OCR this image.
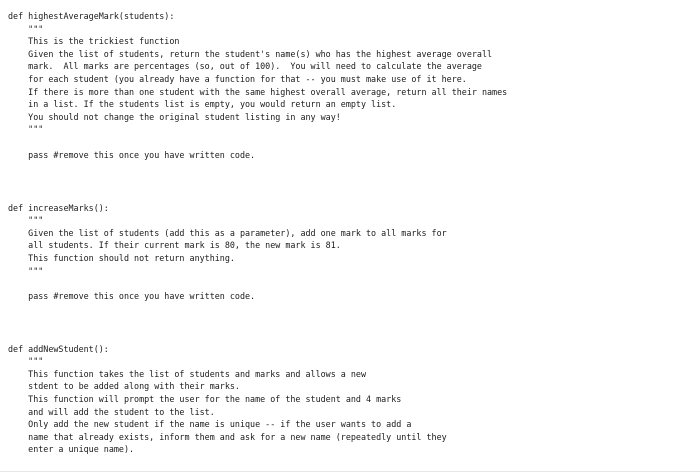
def highestAverageMark(students):
"""
This is the trickiest function
Given the list of students, return the student's name(s) who has the highest average overall
mark.  All marks are percentages (so, out of 100).  You will need to calculate the average
for each student (you already have a function for that -- you must make use of it here.
If there is more than one student with the same highest overall average, return all their names
in a list. If the students list is empty, you would return an empty list.
You should not change the original student listing in any way!
"""
pass #remove this once you have written code.
def increaseMarks():
"""
Given the list of students (add this as a parameter), add one mark to all marks for
all students. If their current mark is 80, the new mark is 81.
This function should not return anything.
"""
pass #remove this once you have written code.
def addNewStudent():
"""
This function takes the list of students and marks and allows a new
stdent to be added along with their marks.
This function will prompt the user for the name of the student and 4 marks
and will add the student to the list.
Only add the new student if the name is unique -- if the user wants to add a
name that already exists, inform them and ask for a new name (repeatedly until they
enter a unique name).
